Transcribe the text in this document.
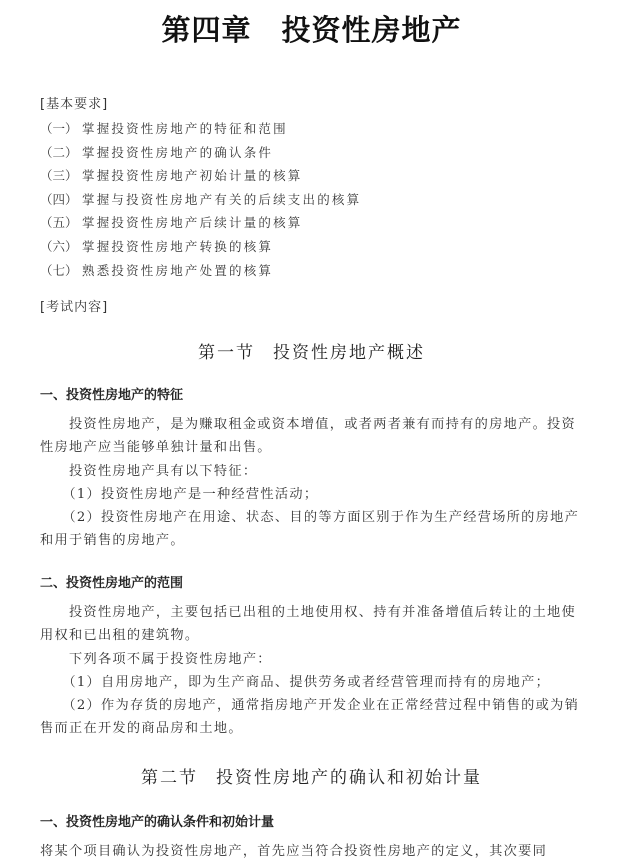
第四章 投资性房地产
[基本要求]
（一） 掌握投资性房地产的特征和范围
（二） 掌握投资性房地产的确认条件
（三） 掌握投资性房地产初始计量的核算
（四） 掌握与投资性房地产有关的后续支出的核算
（五） 掌握投资性房地产后续计量的核算
（六） 掌握投资性房地产转换的核算
（七） 熟悉投资性房地产处置的核算
[考试内容]
第一节 投资性房地产概述
一、投资性房地产的特征
　　投资性房地产，是为赚取租金或资本增值，或者两者兼有而持有的房地产。投资
性房地产应当能够单独计量和出售。
　　投资性房地产具有以下特征：
　　（1）投资性房地产是一种经营性活动；
　　（2）投资性房地产在用途、状态、目的等方面区别于作为生产经营场所的房地产
和用于销售的房地产。
二、投资性房地产的范围
　　投资性房地产，主要包括已出租的土地使用权、持有并准备增值后转让的土地使
用权和已出租的建筑物。
　　下列各项不属于投资性房地产：
　　（1）自用房地产，即为生产商品、提供劳务或者经营管理而持有的房地产；
　　（2）作为存货的房地产，通常指房地产开发企业在正常经营过程中销售的或为销
售而正在开发的商品房和土地。
第二节 投资性房地产的确认和初始计量
一、投资性房地产的确认条件和初始计量
将某个项目确认为投资性房地产，首先应当符合投资性房地产的定义，其次要同
